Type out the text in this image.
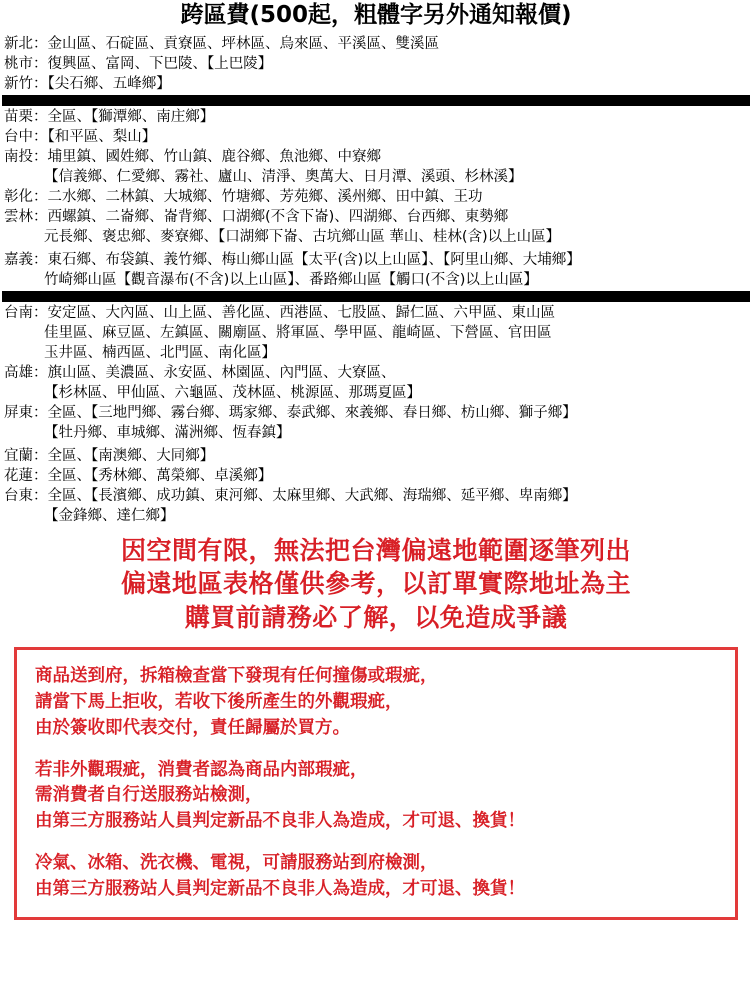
跨區費(500起，粗體字另外通知報價)
新北：金山區、石碇區、貢寮區、坪林區、烏來區、平溪區、雙溪區
桃市：復興區、富岡、下巴陵、【上巴陵】
新竹：【尖石鄉、五峰鄉】
苗栗：全區、【獅潭鄉、南庄鄉】
台中：【和平區、梨山】
南投：埔里鎮、國姓鄉、竹山鎮、鹿谷鄉、魚池鄉、中寮鄉
【信義鄉、仁愛鄉、霧社、廬山、清淨、奧萬大、日月潭、溪頭、杉林溪】
彰化：二水鄉、二林鎮、大城鄉、竹塘鄉、芳苑鄉、溪州鄉、田中鎮、王功
雲林：西螺鎮、二崙鄉、崙背鄉、口湖鄉(不含下崙)、四湖鄉、台西鄉、東勢鄉
元長鄉、褒忠鄉、麥寮鄉、【口湖鄉下崙、古坑鄉山區 華山、桂林(含)以上山區】
嘉義：東石鄉、布袋鎮、義竹鄉、梅山鄉山區【太平(含)以上山區】、【阿里山鄉、大埔鄉】
竹崎鄉山區【觀音瀑布(不含)以上山區】、番路鄉山區【觸口(不含)以上山區】
台南：安定區、大內區、山上區、善化區、西港區、七股區、歸仁區、六甲區、東山區
佳里區、麻豆區、左鎮區、關廟區、將軍區、學甲區、龍崎區、下營區、官田區
玉井區、楠西區、北門區、南化區】
高雄：旗山區、美濃區、永安區、林園區、內門區、大寮區、
【杉林區、甲仙區、六龜區、茂林區、桃源區、那瑪夏區】
屏東：全區、【三地門鄉、霧台鄉、瑪家鄉、泰武鄉、來義鄉、春日鄉、枋山鄉、獅子鄉】
【牡丹鄉、車城鄉、滿洲鄉、恆春鎮】
宜蘭：全區、【南澳鄉、大同鄉】
花蓮：全區、【秀林鄉、萬榮鄉、卓溪鄉】
台東：全區、【長濱鄉、成功鎮、東河鄉、太麻里鄉、大武鄉、海瑞鄉、延平鄉、卑南鄉】
【金鋒鄉、達仁鄉】
因空間有限，無法把台灣偏遠地範圍逐筆列出
偏遠地區表格僅供參考，以訂單實際地址為主
購買前請務必了解，以免造成爭議

商品送到府，拆箱檢查當下發現有任何撞傷或瑕疵，

請當下馬上拒收，若收下後所產生的外觀瑕疵，

由於簽收即代表交付，責任歸屬於買方。

若非外觀瑕疵，消費者認為商品内部瑕疵，

需消費者自行送服務站檢測，

由第三方服務站人員判定新品不良非人為造成，才可退、換貨！

冷氣、冰箱、洗衣機、電視，可請服務站到府檢測，

由第三方服務站人員判定新品不良非人為造成，才可退、換貨！
